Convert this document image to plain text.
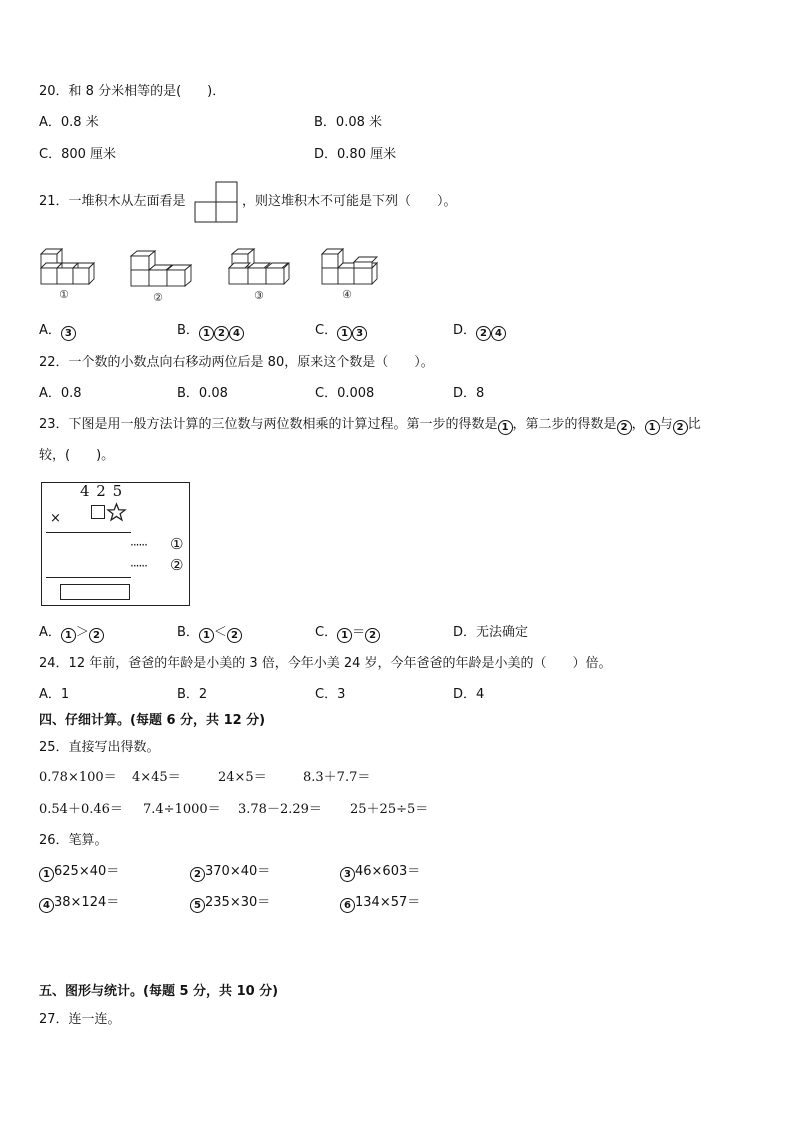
20．和 8 分米相等的是(　　)．
A．0.8 米	B．0.08 米
C．800 厘米	D．0.80 厘米
21．一堆积木从左面看是	，则这堆积木不可能是下列（　　）。
①	②	③	④
A． 3	B． 1 2 4	C． 1 3	D． 2 4
22．一个数的小数点向右移动两位后是 80，原来这个数是（　　）。
A．0.8	B．0.08	C．0.008	D．8
23．下图是用一般方法计算的三位数与两位数相乘的计算过程。第一步的得数是 1 ，第二步的得数是 2 ， 1 与 2 比
较，(　　)。
4 2 5
×
······ ①
······ ②
A． 1 ＞ 2	B． 1 ＜ 2	C． 1 ＝ 2	D．无法确定
24．12 年前，爸爸的年龄是小美的 3 倍，今年小美 24 岁，今年爸爸的年龄是小美的（　　）倍。
A．1	B．2	C．3	D．4
四、仔细计算。(每题 6 分，共 12 分)
25．直接写出得数。
0.78×100＝ 4×45＝	24×5＝	8.3＋7.7＝
0.54＋0.46＝ 7.4÷1000＝ 3.78－2.29＝ 25＋25÷5＝
26．笔算。
1 625×40＝	2 370×40＝	3 46×603＝
4 38×124＝	5 235×30＝	6 134×57＝
五、图形与统计。(每题 5 分，共 10 分)
27．连一连。
